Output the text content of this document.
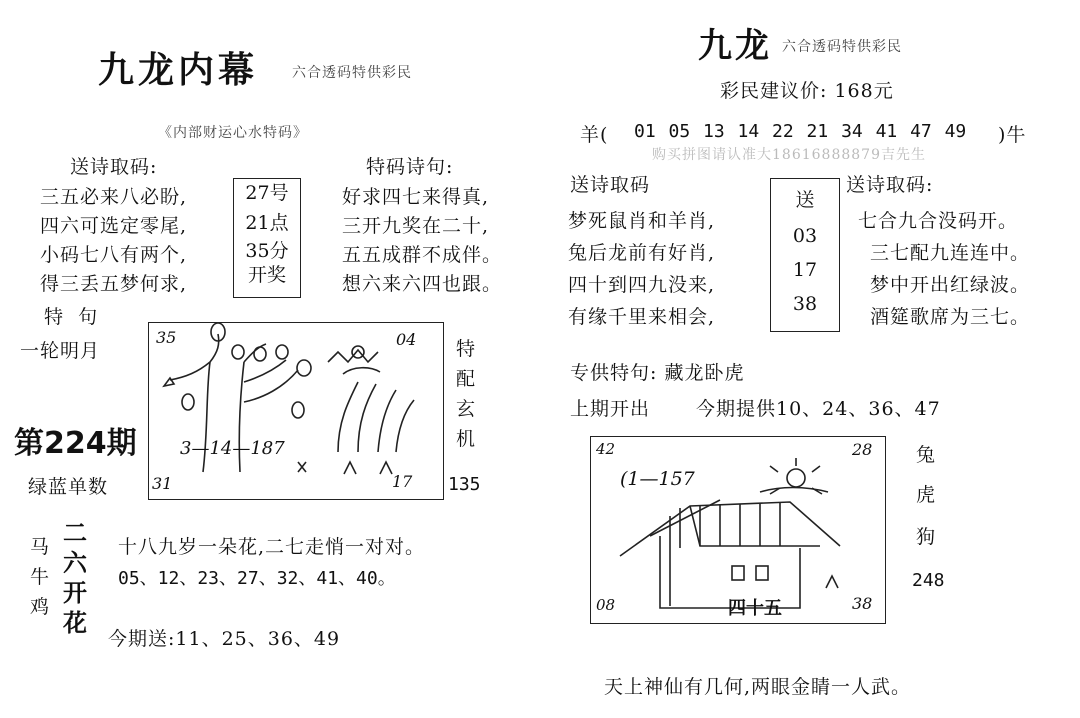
九龙内幕 六合透码特供彩民
《内部财运心水特码》
送诗取码:	特码诗句:
三五必来八必盼,
四六可选定零尾,
小码七八有两个,
得三丢五梦何求,
27号
21点
35分
开奖
好求四七来得真,
三开九奖在二十,
五五成群不成伴。
想六来六四也跟。
特  句
一轮明月
第224期
绿蓝单数
35	04
3—14—187
31	17
特
配
玄
机
135
马
牛
鸡
二
六
开
花
十八九岁一朵花,二七走悄一对对。
05、12、23、27、32、41、40。
今期送:11、25、36、49
九龙 六合透码特供彩民
彩民建议价: 168元
羊( 01 05 13 14 22 21 34 41 47 49 )牛
购买拼图请认准大18616888879吉先生
送诗取码	送诗取码:
梦死鼠肖和羊肖,
兔后龙前有好肖,
四十到四九没来,
有缘千里来相会,
送
03
17
38
七合九合没码开。
三七配九连连中。
梦中开出红绿波。
酒筵歌席为三七。
专供特句: 藏龙卧虎
上期开出 今期提供10、24、36、47
42	28
(1—157
08	38
四十五
兔
虎
狗
248
天上神仙有几何,两眼金睛一人武。
